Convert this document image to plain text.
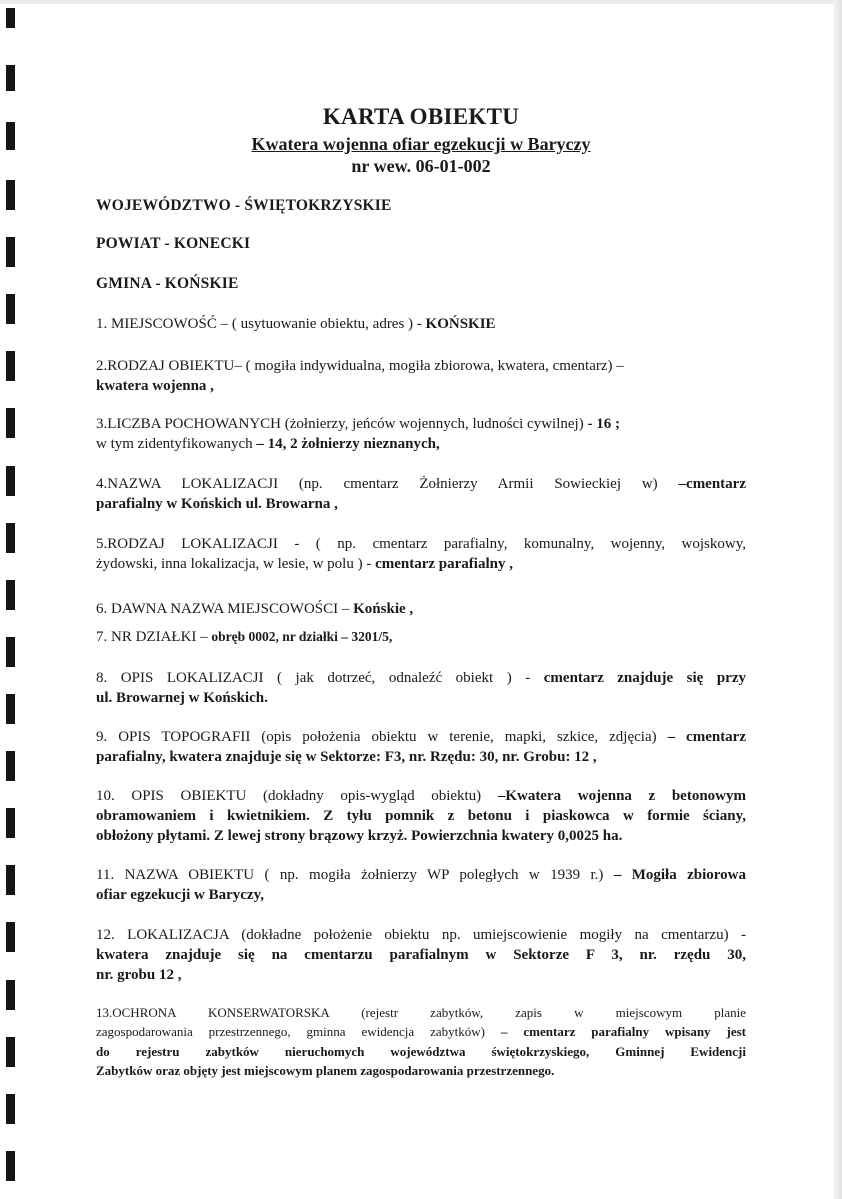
KARTA OBIEKTU
Kwatera wojenna ofiar egzekucji w Baryczy
nr wew. 06-01-002
WOJEWÓDZTWO - ŚWIĘTOKRZYSKIE
POWIAT - KONECKI
GMINA - KOŃSKIE
1. MIEJSCOWOŚĆ – ( usytuowanie obiektu, adres ) - KOŃSKIE
2.RODZAJ OBIEKTU– ( mogiła indywidualna, mogiła zbiorowa, kwatera, cmentarz) –
kwatera wojenna ,
3.LICZBA POCHOWANYCH (żołnierzy, jeńców wojennych, ludności cywilnej) - 16 ;
w tym zidentyfikowanych – 14, 2 żołnierzy nieznanych,
4.NAZWA LOKALIZACJI (np. cmentarz Żołnierzy Armii Sowieckiej w) –cmentarz
parafialny w Końskich ul. Browarna ,
5.RODZAJ LOKALIZACJI - ( np. cmentarz parafialny, komunalny, wojenny, wojskowy,
żydowski, inna lokalizacja, w lesie, w polu ) - cmentarz parafialny ,
6. DAWNA NAZWA MIEJSCOWOŚCI – Końskie ,
7. NR DZIAŁKI – obręb 0002, nr działki – 3201/5,
8. OPIS LOKALIZACJI ( jak dotrzeć, odnaleźć obiekt ) - cmentarz znajduje się przy
ul. Browarnej w Końskich.
9. OPIS TOPOGRAFII (opis położenia obiektu w terenie, mapki, szkice, zdjęcia) – cmentarz
parafialny, kwatera znajduje się w Sektorze: F3, nr. Rzędu: 30, nr. Grobu: 12 ,
10. OPIS OBIEKTU (dokładny opis-wygląd obiektu) –Kwatera wojenna z betonowym
obramowaniem i kwietnikiem. Z tyłu pomnik z betonu i piaskowca w formie ściany,
obłożony płytami. Z lewej strony brązowy krzyż. Powierzchnia kwatery 0,0025 ha.
11. NAZWA OBIEKTU ( np. mogiła żołnierzy WP poległych w 1939 r.) – Mogiła zbiorowa
ofiar egzekucji w Baryczy,
12. LOKALIZACJA (dokładne położenie obiektu np. umiejscowienie mogiły na cmentarzu) -
kwatera znajduje się na cmentarzu parafialnym w Sektorze F 3, nr. rzędu 30,
nr. grobu 12 ,
13.OCHRONA KONSERWATORSKA (rejestr zabytków, zapis w miejscowym planie
zagospodarowania przestrzennego, gminna ewidencja zabytków) – cmentarz parafialny wpisany jest
do rejestru zabytków nieruchomych województwa świętokrzyskiego, Gminnej Ewidencji
Zabytków oraz objęty jest miejscowym planem zagospodarowania przestrzennego.
